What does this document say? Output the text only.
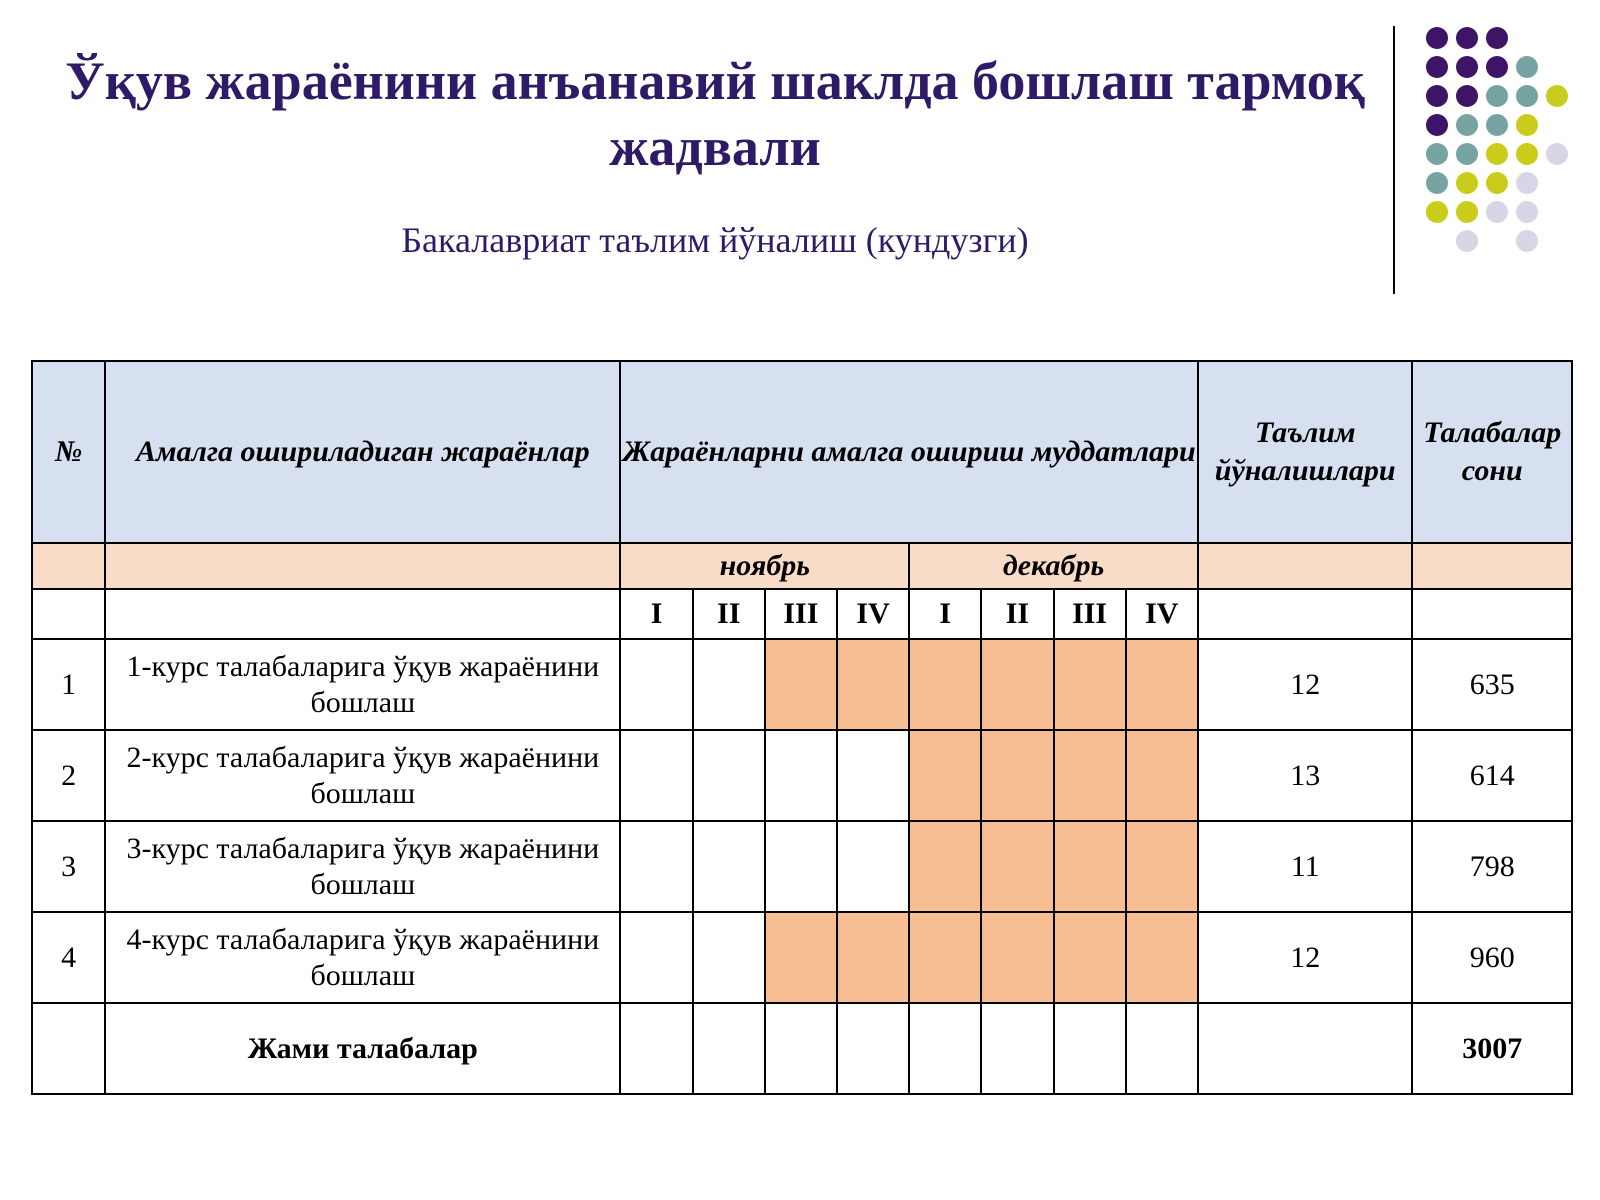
Ўқув жараёнини анъанавий шаклда бошлаш тармоқ жадвали
Бакалавриат таълим йўналиш (кундузги)
№	Амалга ошириладиган жараёнлар	Жараёнларни амалга ошириш муддатлари								Таълим йўналишлари	Талабалар сони
		ноябрь				декабрь					
		I	II	III	IV	I	II	III	IV		
1	1-курс талабаларига ўқув жараёнини бошлаш									12	635
2	2-курс талабаларига ўқув жараёнини бошлаш									13	614
3	3-курс талабаларига ўқув жараёнини бошлаш									11	798
4	4-курс талабаларига ўқув жараёнини бошлаш									12	960
	Жами талабалар										3007
